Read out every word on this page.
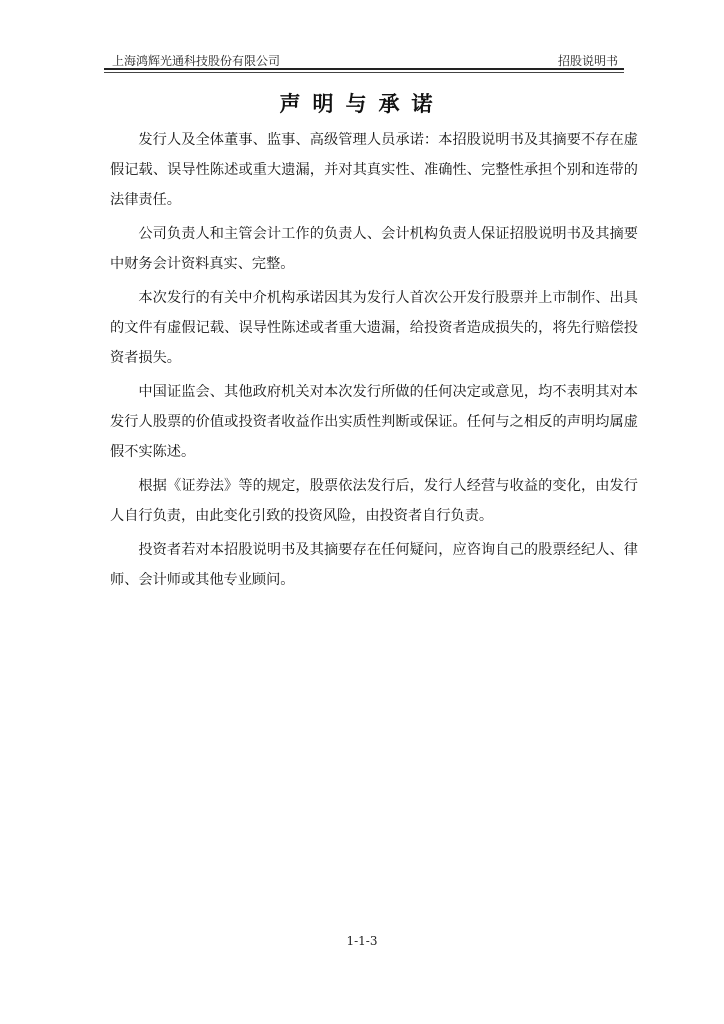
上海鸿辉光通科技股份有限公司	招股说明书
声明与承诺

发行人及全体董事、监事、高级管理人员承诺：本招股说明书及其摘要不存在虚假记载、误导性陈述或重大遗漏，并对其真实性、准确性、完整性承担个别和连带的法律责任。

公司负责人和主管会计工作的负责人、会计机构负责人保证招股说明书及其摘要中财务会计资料真实、完整。

本次发行的有关中介机构承诺因其为发行人首次公开发行股票并上市制作、出具的文件有虚假记载、误导性陈述或者重大遗漏，给投资者造成损失的，将先行赔偿投资者损失。

中国证监会、其他政府机关对本次发行所做的任何决定或意见，均不表明其对本发行人股票的价值或投资者收益作出实质性判断或保证。任何与之相反的声明均属虚假不实陈述。

根据《证券法》等的规定，股票依法发行后，发行人经营与收益的变化，由发行人自行负责，由此变化引致的投资风险，由投资者自行负责。

投资者若对本招股说明书及其摘要存在任何疑问，应咨询自己的股票经纪人、律师、会计师或其他专业顾问。

1-1-3
